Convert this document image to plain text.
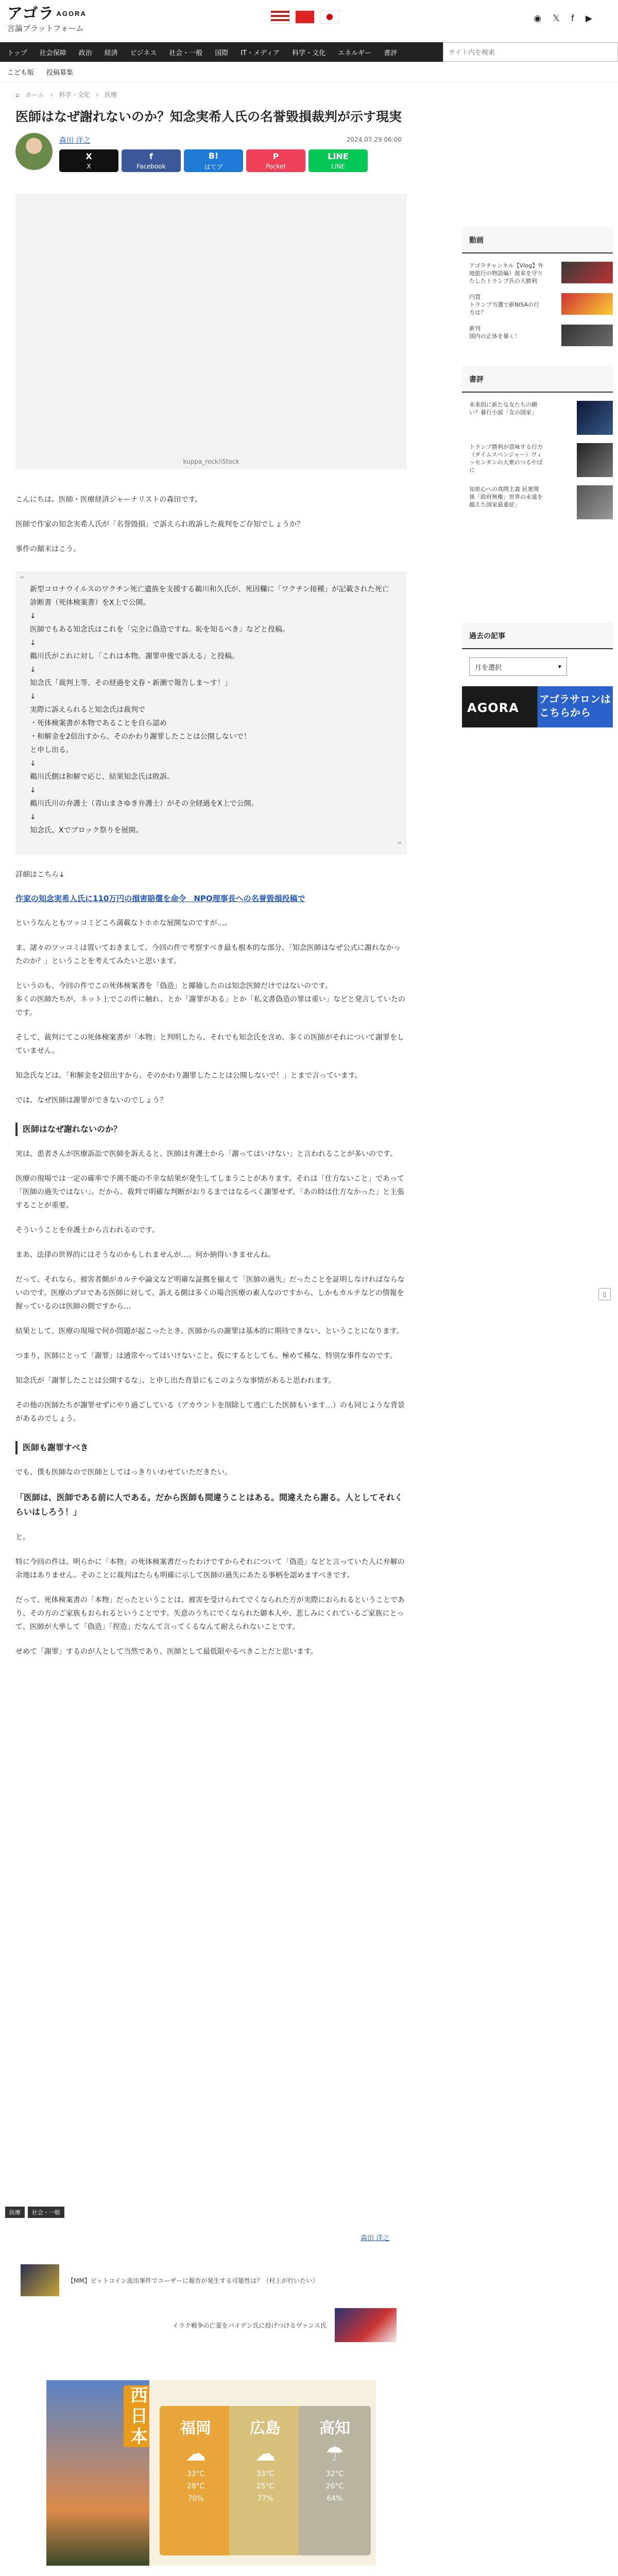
アゴラ $^{AGORA}$
言論プラットフォーム
◉ 𝕏 f ▶
トップ 社会保障 政治 経済 ビジネス 社会・一般 国際 IT・メディア 科学・文化 エネルギー 書評
サイト内を検索
こども版 投稿募集
⌂ ホーム › 科学・文化 › 医療
医師はなぜ謝れないのか？知念実希人氏の名誉毀損裁判が示す現実
森田 洋之	2024.07.29 06:00
X
X
f
Facebook
B!
はてブ
P
Pocket
LINE
LINE
kuppa_rock/iStock

こんにちは。医師・医療経済ジャーナリストの森田です。

医師で作家の知念実希人氏が「名誉毀損」で訴えられ敗訴した裁判をご存知でしょうか？

事件の顛末はこう。

“
新型コロナウイルスのワクチン死亡遺族を支援する鵜川和久氏が、死因欄に「ワクチン接種」が記載された死亡診断書（死体検案書）をX上で公開。
↓
医師でもある知念氏はこれを「完全に偽造ですね。恥を知るべき」などと投稿。
↓
鵜川氏がこれに対し「これは本物。謝罪申後で訴える」と投稿。
↓
知念氏「裁判上等、その経過を文春・新潮で報告しま〜す！」
↓
実際に訴えられると知念氏は裁判で
・死体検案書が本物であることを自ら認め
・和解金を2倍出すから、そのかわり謝罪したことは公開しないで！
と申し出る。
↓
鵜川氏側は和解で応じ、結果知念氏は敗訴。
↓
鵜川氏川の弁護士（青山まさゆき弁護士）がその全経過をX上で公開。
↓
知念氏、Xでブロック祭りを展開。
”

詳細はこちら↓

作家の知念実希人氏に110万円の損害賠償を命令　NPO理事長への名誉毀損投稿で

というなんともツッコミどころ満載なトホホな展開なのですが…。

ま、諸々のツッコミは置いておきまして、今回の件で考察すべき最も根本的な部分、「知念医師はなぜ公式に謝れなかったのか？」ということを考えてみたいと思います。

というのも、今回の件でこの死体検案書を「偽造」と揶揄したのは知念医師だけではないのです。

多くの医師たちが、ネット上でこの件に触れ、とか「謝罪がある」とか「私文書偽造の罪は重い」などと発言していたのです。

そして、裁判にてこの死体検案書が「本物」と判明したら、それでも知念氏を含め、多くの医師がそれについて謝罪をしていません。

知念氏などは、「和解金を2倍出すから、そのかわり謝罪したことは公開しないで！」とまで言っています。

では、なぜ医師は謝罪ができないのでしょう？

医師はなぜ謝れないのか？

実は、患者さんが医療訴訟で医師を訴えると、医師は弁護士から「謝ってはいけない」と言われることが多いのです。

医療の現場では一定の確率で予測不能の不幸な結果が発生してしまうことがあります。それは「仕方ないこと」であって「医師の過失ではない」。だから、裁判で明確な判断がおりるまではなるべく謝罪せず、「あの時は仕方なかった」と主張することが重要。

そういうことを弁護士から言われるのです。

まあ、法律の世界的にはそうなのかもしれませんが…。何か納得いきませんね。

だって、それなら、被害者側がカルテや論文など明確な証拠を揃えて「医師の過失」だったことを証明しなければならないのです。医療のプロである医師に対して、訴える側は多くの場合医療の素人なのですから、しかもカルテなどの情報を握っているのは医師の側ですから…

結果として、医療の現場で何か問題が起こったとき、医師からの謝罪は基本的に期待できない、ということになります。

つまり、医師にとって「謝罪」は通常やってはいけないこと。仮にするとしても、極めて稀な、特別な事件なのです。

知念氏が「謝罪したことは公開するな」、と申し出た背景にもこのような事情があると思われます。

その他の医師たちが謝罪せずにやり過ごしている（アカウントを削除して逃亡した医師もいます…）のも同じような背景があるのでしょう。

医師も謝罪すべき

でも、僕も医師なので医師としてはっきりいわせていただきたい。

「医師は、医師である前に人である。だから医師も間違うことはある。間違えたら謝る。人としてそれくらいはしろう！」

と。

特に今回の件は、明らかに「本物」の死体検案書だったわけですからそれについて「偽造」などと言っていた人に弁解の余地はありません。そのことに裁判はたらも明確に示して医師の過失にあたる事柄を認めますべきです。

だって、死体検案書の「本物」だったということは、被害を受けられてでくなられた方が実際におられるということであり、その方のご家族もおられるということです。失意のうちにでくなられた御本人や、悲しみにくれているご家族にとって、医師が大挙して「偽造」「捏造」だなんて言ってくるなんて耐えられないことです。

せめて「謝罪」するのが人として当然であり、医師として最低限やるべきことだと思います。

医療	社会・一般
森田 洋之
【MM】ビットコイン流出事件でユーザーに報告が発生する可能性は？（村上が行いたい）
イラク戦争の亡霊をバイデン氏に投げつけるヴァンス氏
西日本	福岡
☁
33°C
28°C
70%
広島
☁
33°C
25°C
77%
高知
☂
32°C
26°C
64%
動画
アゴラチャンネル【Vlog】外地旅行の物語編）渡来を守りたしたトランプ氏の大勝利
円貨
トランプ当選で新NISAの行方は？
新刊
国内の正体を暴く！
書評
未来的に新たな友たちの願い？暮行小説「女の国家」
トランプ勝利が意味する行方（ダイムスペンジャー）ヴィッセンダンの大衆のつるやばに
知欲心への真問主義 民衆関係「政府無権」世界の永遠を越えた国家最重症」
過去の記事
月を選択	▾
AGORA
アゴラサロンはこちらから
▯
